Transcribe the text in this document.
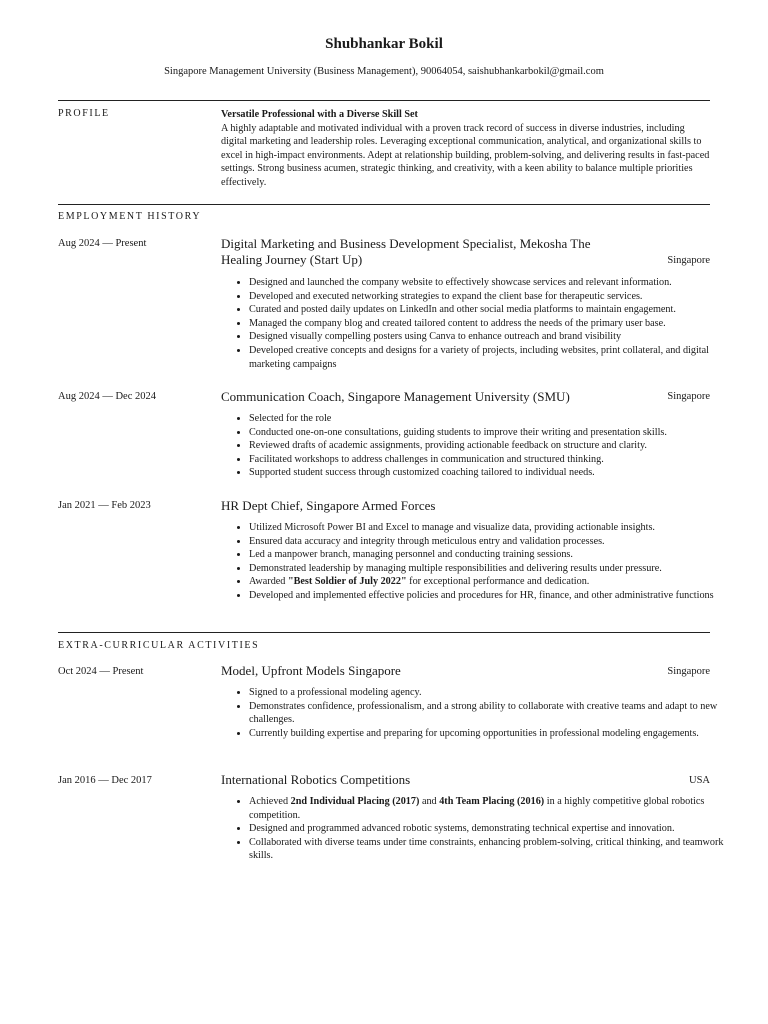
Shubhankar Bokil
Singapore Management University (Business Management), 90064054, saishubhankarbokil@gmail.com
PROFILE	Versatile Professional with a Diverse Skill Set
A highly adaptable and motivated individual with a proven track record of success in diverse industries, including digital marketing and leadership roles. Leveraging exceptional communication, analytical, and organizational skills to excel in high-impact environments. Adept at relationship building, problem-solving, and delivering results in fast-paced settings. Strong business acumen, strategic thinking, and creativity, with a keen ability to balance multiple priorities effectively.
EMPLOYMENT HISTORY
Aug 2024 — Present	Digital Marketing and Business Development Specialist, Mekosha The Healing Journey (Start Up)	Singapore
• Designed and launched the company website to effectively showcase services and relevant information.
• Developed and executed networking strategies to expand the client base for therapeutic services.
• Curated and posted daily updates on LinkedIn and other social media platforms to maintain engagement.
• Managed the company blog and created tailored content to address the needs of the primary user base.
• Designed visually compelling posters using Canva to enhance outreach and brand visibility
• Developed creative concepts and designs for a variety of projects, including websites, print collateral, and digital marketing campaigns
Aug 2024 — Dec 2024	Communication Coach, Singapore Management University (SMU)	Singapore
• Selected for the role
• Conducted one-on-one consultations, guiding students to improve their writing and presentation skills.
• Reviewed drafts of academic assignments, providing actionable feedback on structure and clarity.
• Facilitated workshops to address challenges in communication and structured thinking.
• Supported student success through customized coaching tailored to individual needs.
Jan 2021 — Feb 2023	HR Dept Chief, Singapore Armed Forces
• Utilized Microsoft Power BI and Excel to manage and visualize data, providing actionable insights.
• Ensured data accuracy and integrity through meticulous entry and validation processes.
• Led a manpower branch, managing personnel and conducting training sessions.
• Demonstrated leadership by managing multiple responsibilities and delivering results under pressure.
• Awarded "Best Soldier of July 2022" for exceptional performance and dedication.
• Developed and implemented effective policies and procedures for HR, finance, and other administrative functions
EXTRA-CURRICULAR ACTIVITIES
Oct 2024 — Present	Model, Upfront Models Singapore	Singapore
• Signed to a professional modeling agency.
• Demonstrates confidence, professionalism, and a strong ability to collaborate with creative teams and adapt to new challenges.
• Currently building expertise and preparing for upcoming opportunities in professional modeling engagements.
Jan 2016 — Dec 2017	International Robotics Competitions	USA
• Achieved 2nd Individual Placing (2017) and 4th Team Placing (2016) in a highly competitive global robotics competition.
• Designed and programmed advanced robotic systems, demonstrating technical expertise and innovation.
• Collaborated with diverse teams under time constraints, enhancing problem-solving, critical thinking, and teamwork skills.
